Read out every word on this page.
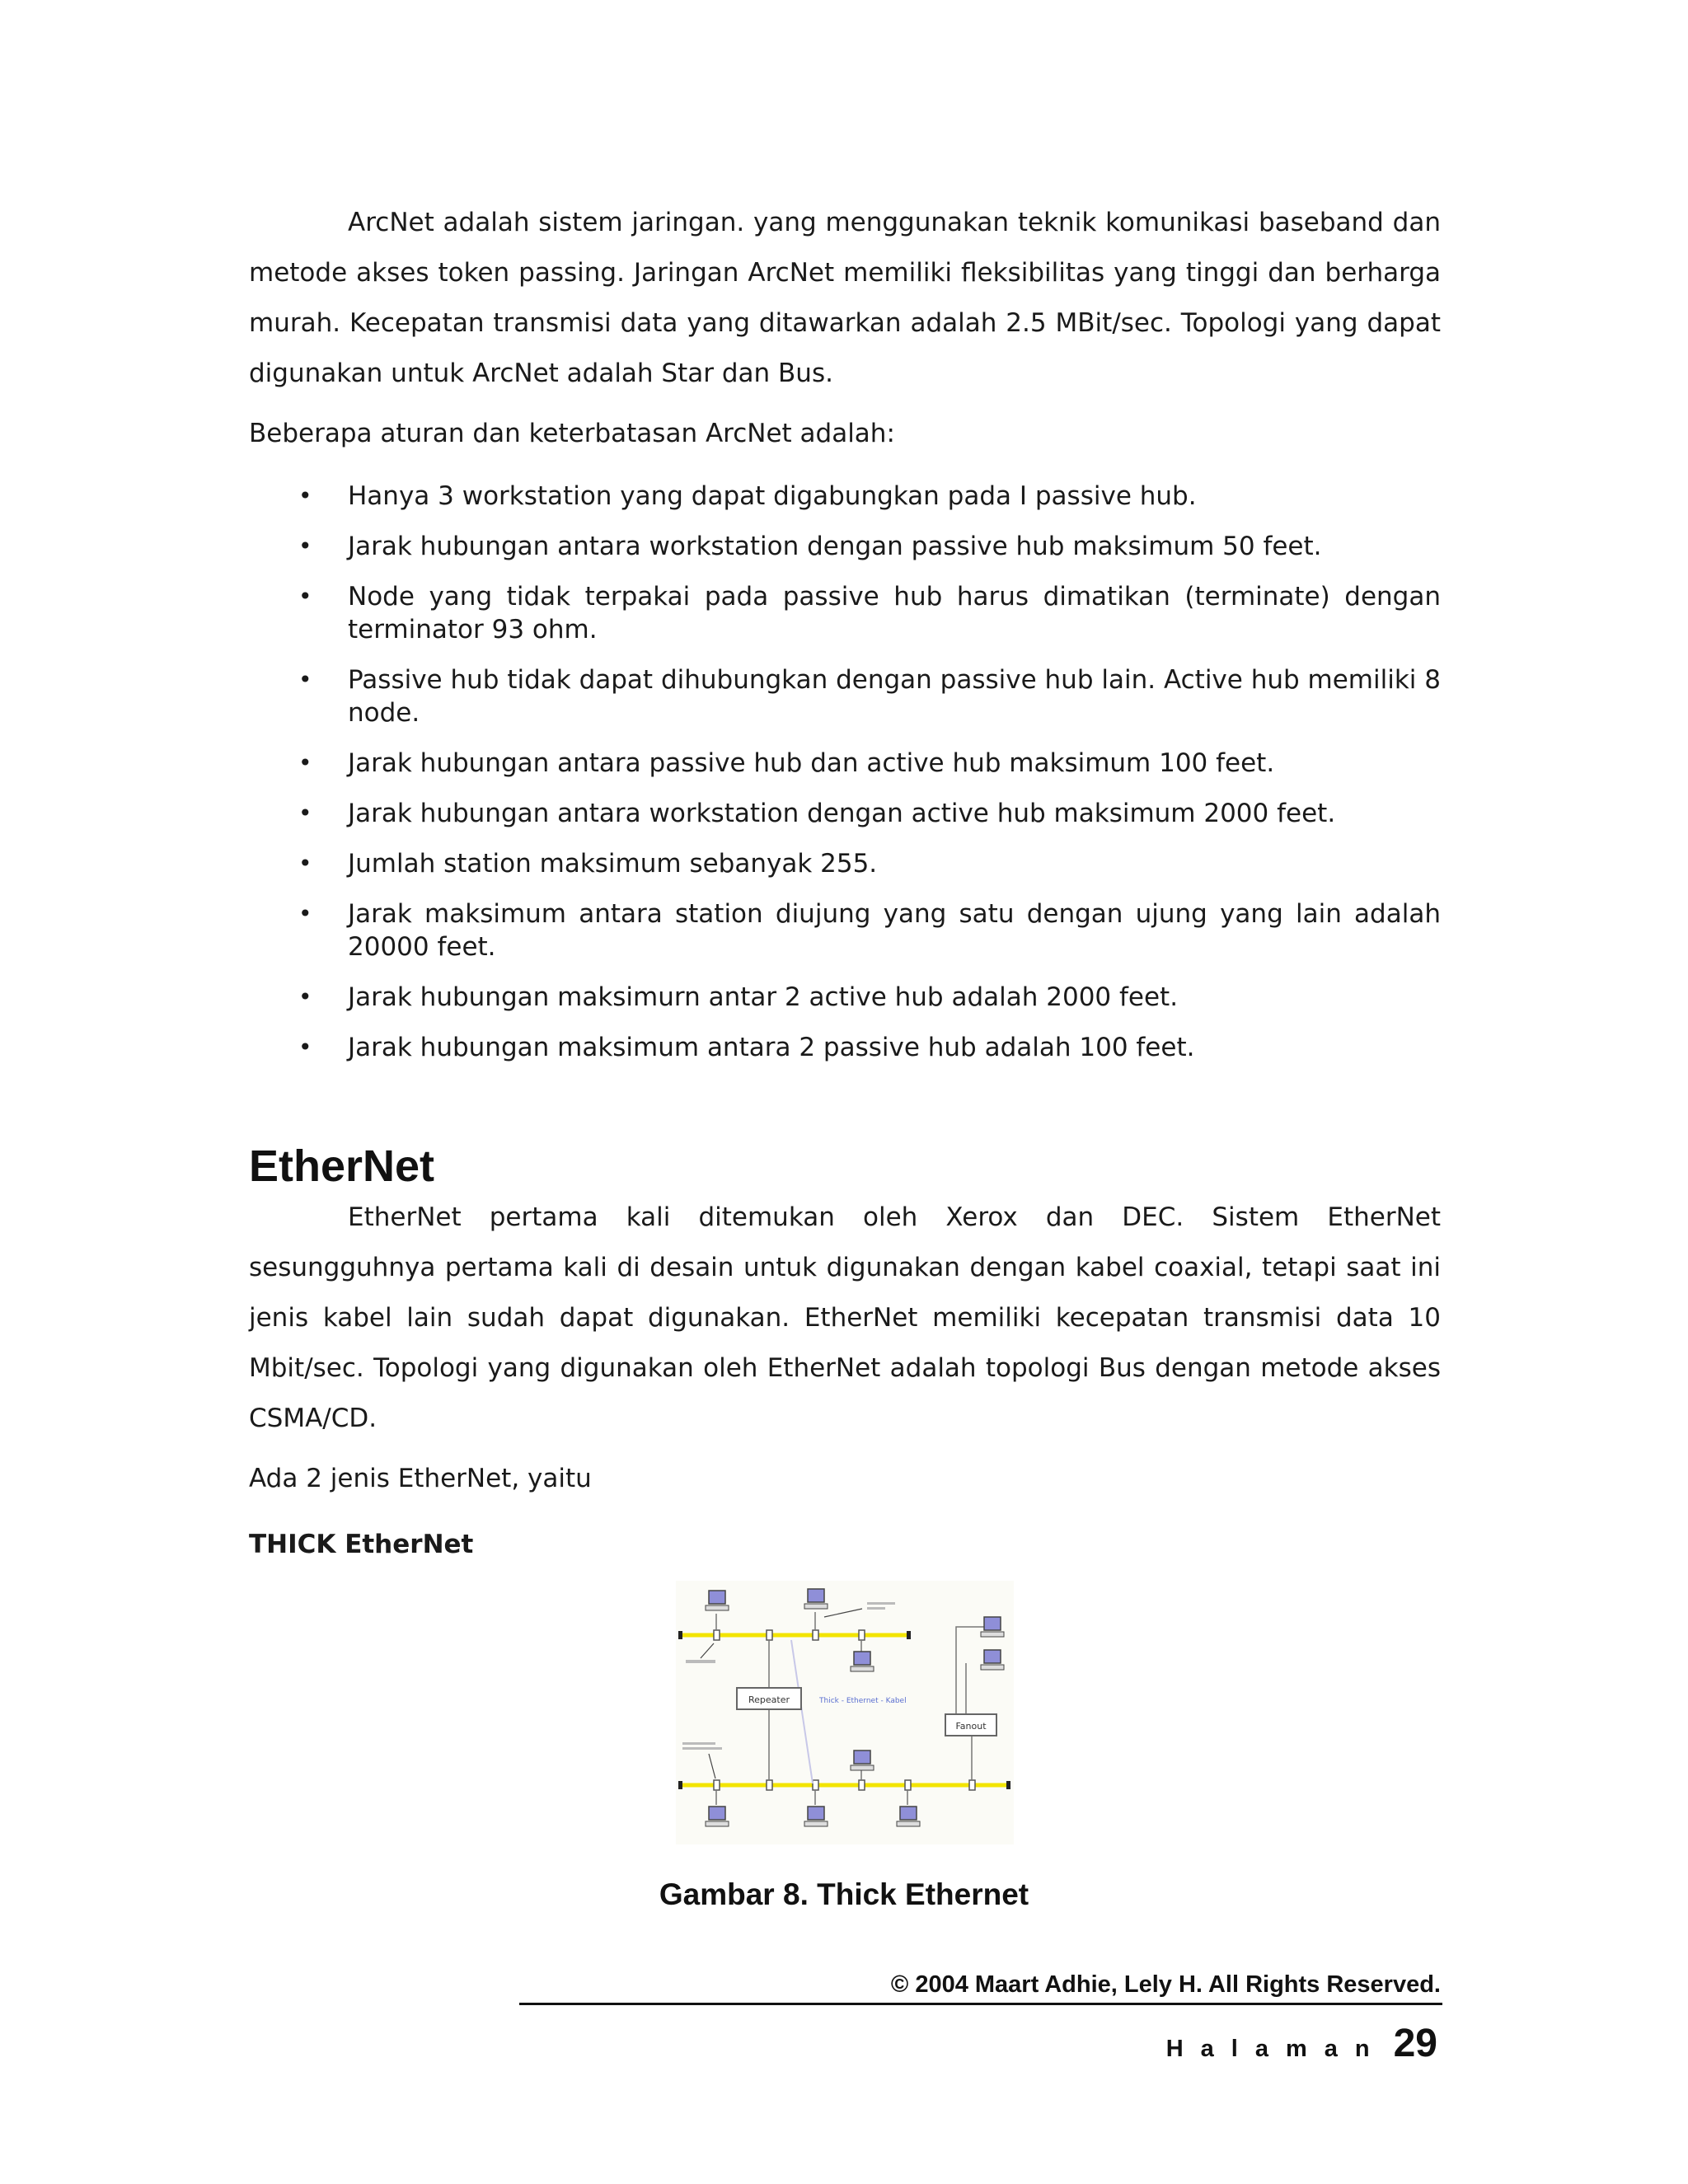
ArcNet adalah sistem jaringan. yang menggunakan teknik komunikasi baseband dan metode akses token passing. Jaringan ArcNet memiliki fleksibilitas yang tinggi dan berharga murah. Kecepatan transmisi data yang ditawarkan adalah 2.5 MBit/sec. Topologi yang dapat digunakan untuk ArcNet adalah Star dan Bus.

Beberapa aturan dan keterbatasan ArcNet adalah:

• Hanya 3 workstation yang dapat digabungkan pada I passive hub.
• Jarak hubungan antara workstation dengan passive hub maksimum 50 feet.
• Node yang tidak terpakai pada passive hub harus dimatikan (terminate) dengan terminator 93 ohm.
• Passive hub tidak dapat dihubungkan dengan passive hub lain. Active hub memiliki 8 node.
• Jarak hubungan antara passive hub dan active hub maksimum 100 feet.
• Jarak hubungan antara workstation dengan active hub maksimum 2000 feet.
• Jumlah station maksimum sebanyak 255.
• Jarak maksimum antara station diujung yang satu dengan ujung yang lain adalah 20000 feet.
• Jarak hubungan maksimurn antar 2 active hub adalah 2000 feet.
• Jarak hubungan maksimum antara 2 passive hub adalah 100 feet.
EtherNet

EtherNet pertama kali ditemukan oleh Xerox dan DEC. Sistem EtherNet sesungguhnya pertama kali di desain untuk digunakan dengan kabel coaxial, tetapi saat ini jenis kabel lain sudah dapat digunakan. EtherNet memiliki kecepatan transmisi data 10 Mbit/sec. Topologi yang digunakan oleh EtherNet adalah topologi Bus dengan metode akses CSMA/CD.

Ada 2 jenis EtherNet, yaitu

THICK EtherNet

Repeater
Fanout
Thick - Ethernet - Kabel
Gambar 8. Thick Ethernet
© 2004 Maart Adhie, Lely H. All Rights Reserved.
Halaman 29
